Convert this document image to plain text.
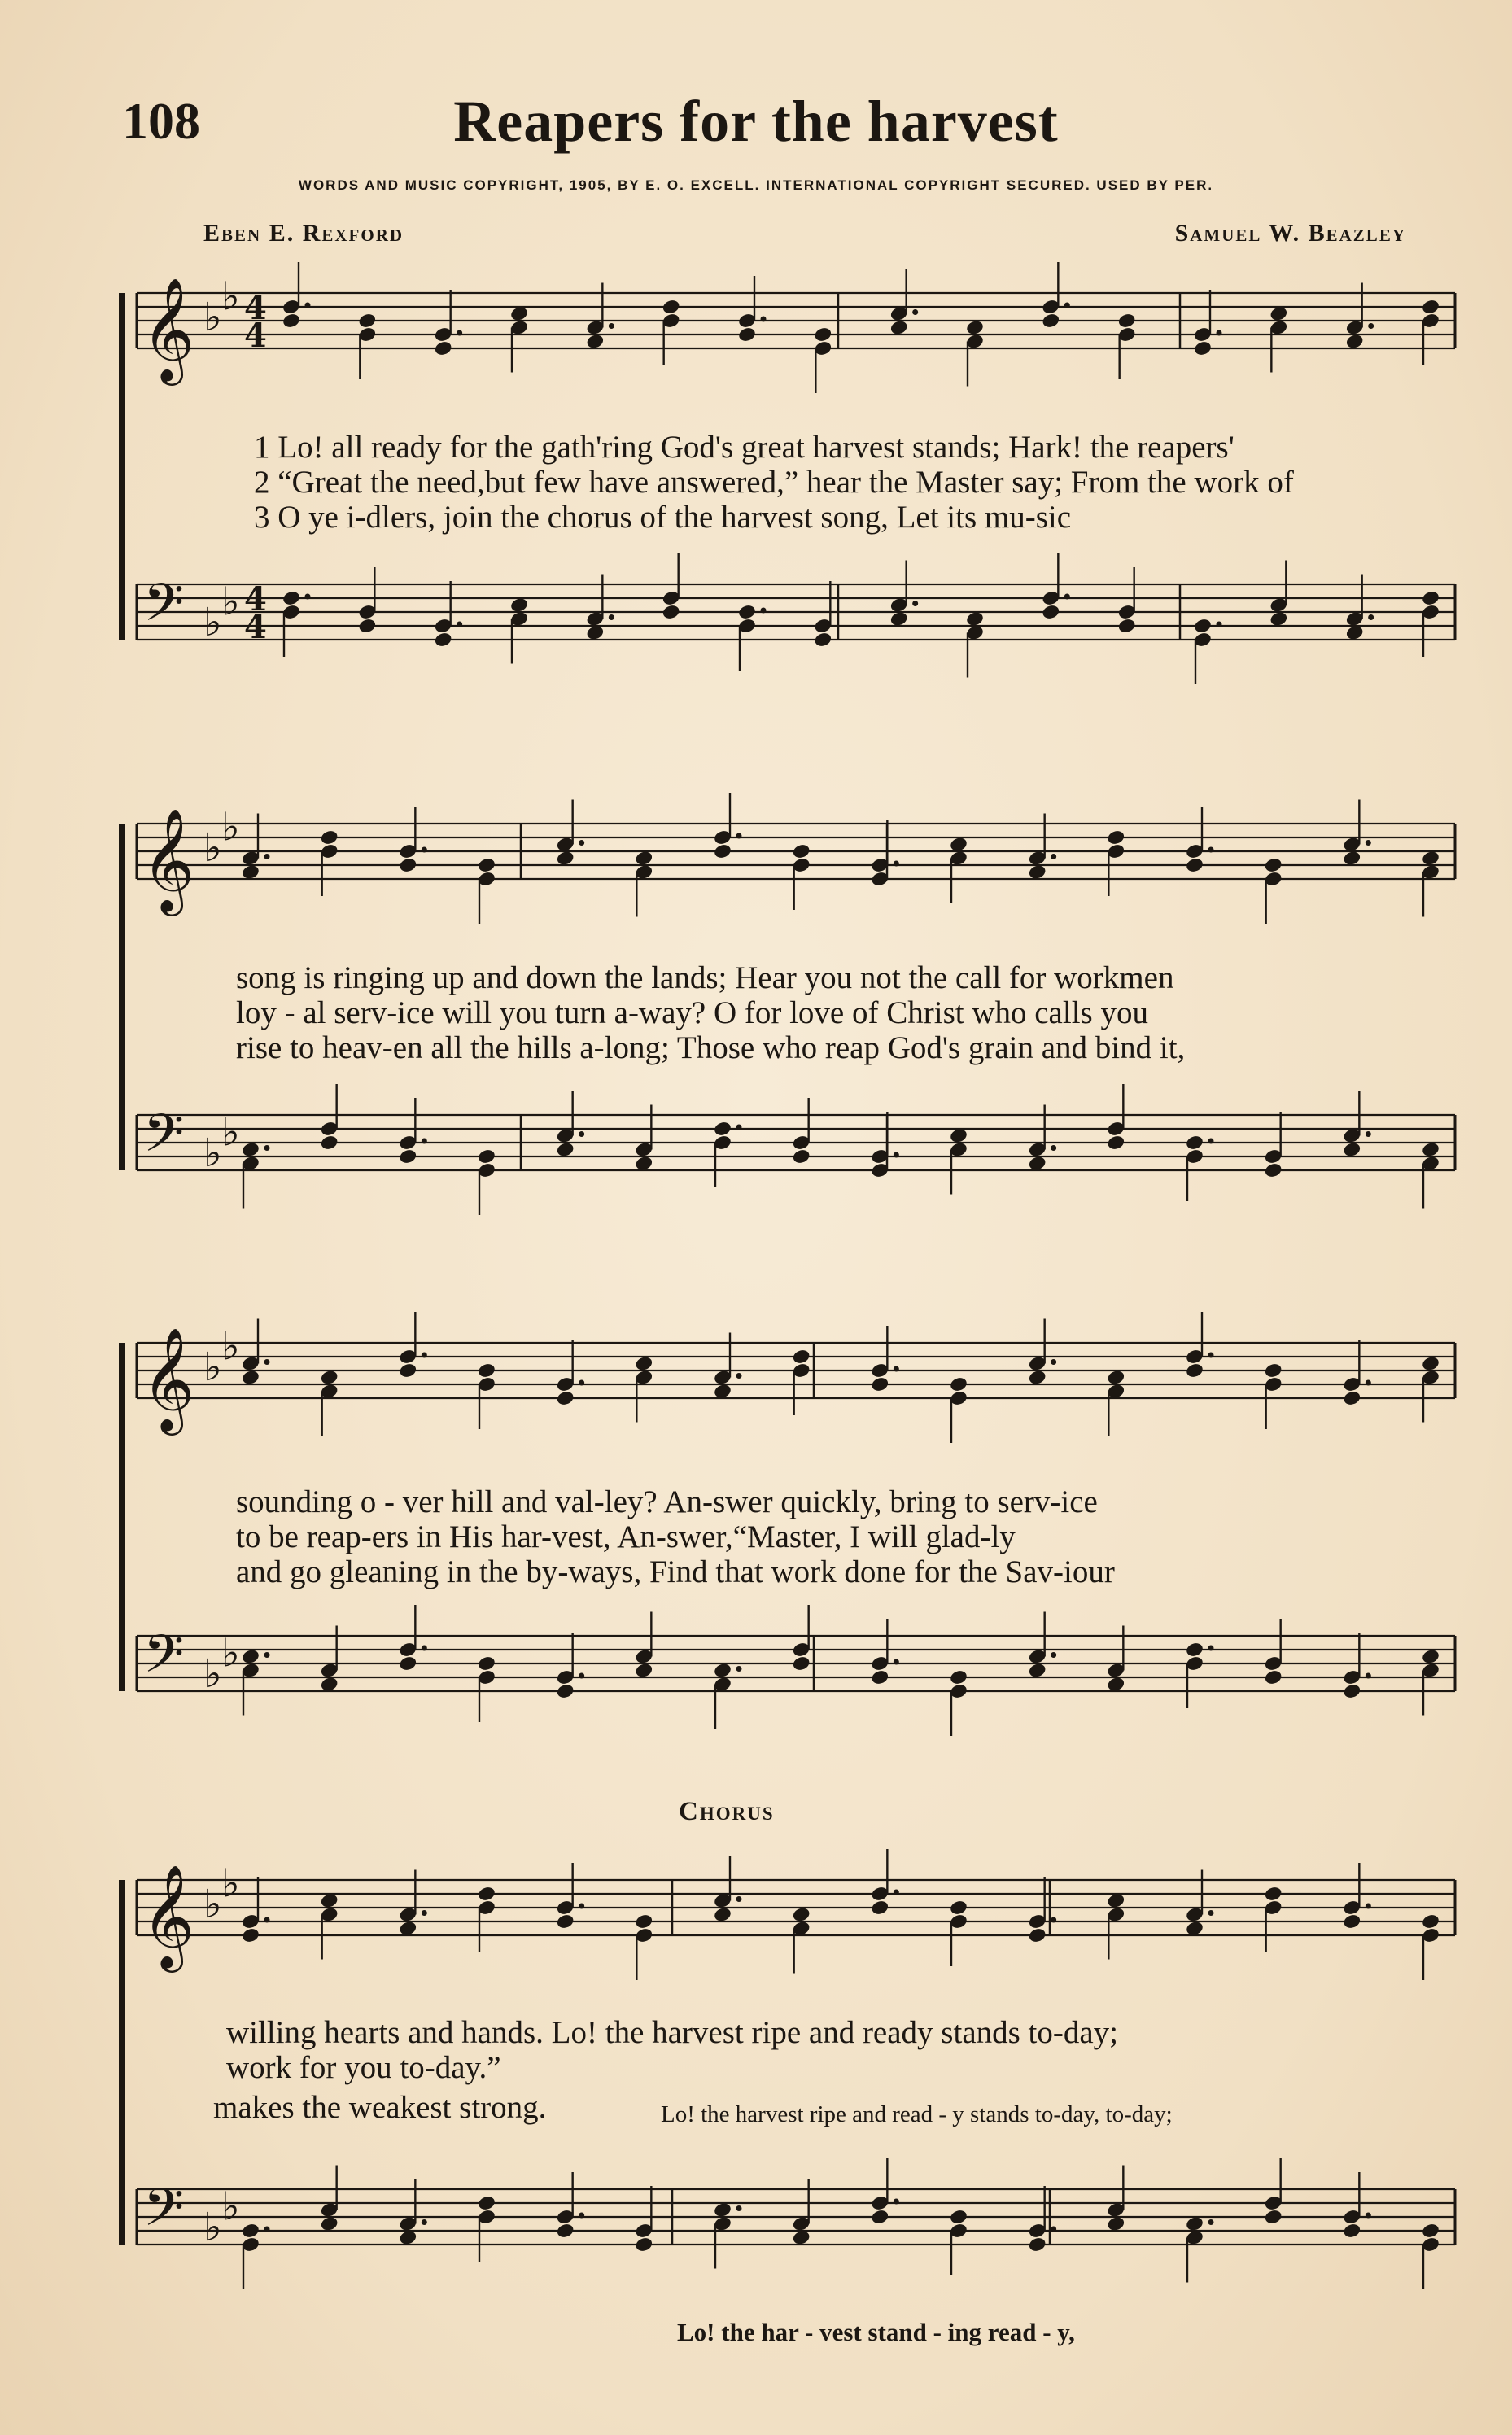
𝄞 ♭ ♭ 4
4
𝄢 ♭ ♭ 4
4
𝄞 ♭ ♭
𝄢 ♭ ♭
𝄞 ♭ ♭
𝄢 ♭ ♭
𝄞 ♭ ♭
𝄢 ♭ ♭
108	Reapers for the harvest
WORDS AND MUSIC COPYRIGHT, 1905, BY E. O. EXCELL. INTERNATIONAL COPYRIGHT SECURED. USED BY PER.
Eben E. Rexford	Samuel W. Beazley
1 Lo! all ready for the gath'ring God's great harvest stands; Hark! the reapers'
2 “Great the need,but few have answered,” hear the Master say; From the work of
3 O ye i-dlers, join the chorus of the harvest song, Let its mu-sic
song is ringing up and down the lands; Hear you not the call for workmen
loy - al serv-ice will you turn a-way? O for love of Christ who calls you
rise to heav-en all the hills a-long; Those who reap God's grain and bind it,
sounding o - ver hill and val-ley? An-swer quickly, bring to serv-ice
to be reap-ers in His har-vest, An-swer,“Master, I will glad-ly
and go gleaning in the by-ways, Find that work done for the Sav-iour
Chorus
willing hearts and hands. Lo! the harvest ripe and ready stands to-day;
work for you to-day.”
makes the weakest strong.	Lo! the harvest ripe and read - y stands to-day, to-day;
Lo! the har - vest stand - ing read - y,
